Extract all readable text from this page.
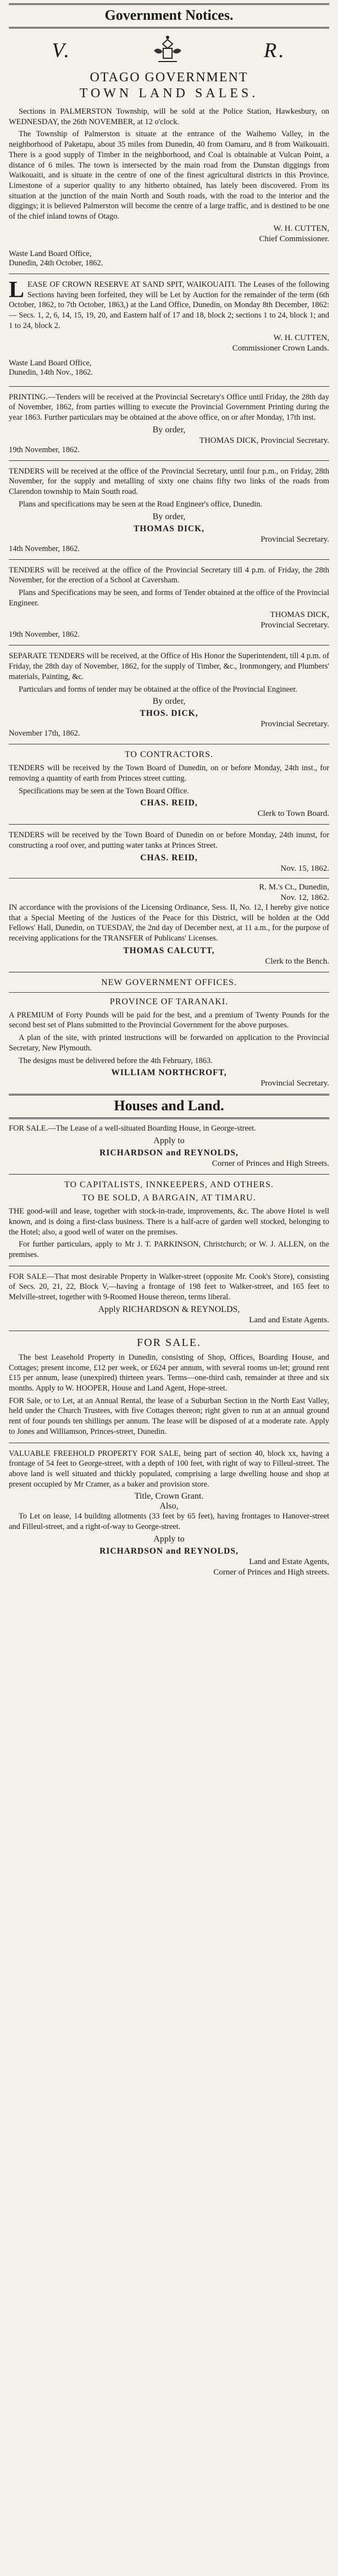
Government Notices.
V.	R.
OTAGO GOVERNMENT
TOWN LAND SALES.

Sections in PALMERSTON Township, will be sold at the Police Station, Hawkesbury, on WEDNESDAY, the 26th NOVEMBER, at 12 o'clock.

The Township of Palmerston is situate at the entrance of the Waihemo Valley, in the neighborhood of Paketapu, about 35 miles from Dunedin, 40 from Oamaru, and 8 from Waikouaiti. There is a good supply of Timber in the neighborhood, and Coal is obtainable at Vulcan Point, a distance of 6 miles. The town is intersected by the main road from the Dunstan diggings from Waikouaiti, and is situate in the centre of one of the finest agricultural districts in this Province. Limestone of a superior quality to any hitherto obtained, has lately been discovered. From its situation at the junction of the main North and South roads, with the road to the interior and the diggings; it is believed Palmerston will become the centre of a large traffic, and is destined to be one of the chief inland towns of Otago.

W. H. CUTTEN,
Chief Commissioner.
Waste Land Board Office,
Dunedin, 24th October, 1862.
L EASE OF CROWN RESERVE AT SAND SPIT, WAIKOUAITI. The Leases of the following Sections having been forfeited, they will be Let by Auction for the remainder of the term (6th October, 1862, to 7th October, 1863,) at the Land Office, Dunedin, on Monday 8th December, 1862:— Secs. 1, 2, 6, 14, 15, 19, 20, and Eastern half of 17 and 18, block 2; sections 1 to 24, block 1; and 1 to 24, block 2.

W. H. CUTTEN,
Commissioner Crown Lands.
Waste Land Board Office,
Dunedin, 14th Nov., 1862.

PRINTING.—Tenders will be received at the Provincial Secretary's Office until Friday, the 28th day of November, 1862, from parties willing to execute the Provincial Government Printing during the year 1863. Further particulars may be obtained at the above office, on or after Monday, 17th inst.

By order,
THOMAS DICK, Provincial Secretary.
19th November, 1862.

TENDERS will be received at the office of the Provincial Secretary, until four p.m., on Friday, 28th November, for the supply and metalling of sixty one chains fifty two links of the roads from Clarendon township to Main South road.

Plans and specifications may be seen at the Road Engineer's office, Dunedin.

By order,
THOMAS DICK,
Provincial Secretary.
14th November, 1862.

TENDERS will be received at the office of the Provincial Secretary till 4 p.m. of Friday, the 28th November, for the erection of a School at Caversham.

Plans and Specifications may be seen, and forms of Tender obtained at the office of the Provincial Engineer.

THOMAS DICK,
Provincial Secretary.
19th November, 1862.

SEPARATE TENDERS will be received, at the Office of His Honor the Superintendent, till 4 p.m. of Friday, the 28th day of November, 1862, for the supply of Timber, &c., Ironmongery, and Plumbers' materials, Painting, &c.

Particulars and forms of tender may be obtained at the office of the Provincial Engineer.

By order,
THOS. DICK,
Provincial Secretary.
November 17th, 1862.
TO CONTRACTORS.

TENDERS will be received by the Town Board of Dunedin, on or before Monday, 24th inst., for removing a quantity of earth from Princes street cutting.

Specifications may be seen at the Town Board Office.

CHAS. REID,
Clerk to Town Board.

TENDERS will be received by the Town Board of Dunedin on or before Monday, 24th inunst, for constructing a roof over, and putting water tanks at Princes Street.

CHAS. REID,
Nov. 15, 1862.
R. M.'s Ct., Dunedin,
Nov. 12, 1862.

IN accordance with the provisions of the Licensing Ordinance, Sess. II, No. 12, I hereby give notice that a Special Meeting of the Justices of the Peace for this District, will be holden at the Odd Fellows' Hall, Dunedin, on TUESDAY, the 2nd day of December next, at 11 a.m., for the purpose of receiving applications for the TRANSFER of Publicans' Licenses.

THOMAS CALCUTT,
Clerk to the Bench.
NEW GOVERNMENT OFFICES.
PROVINCE OF TARANAKI.

A PREMIUM of Forty Pounds will be paid for the best, and a premium of Twenty Pounds for the second best set of Plans submitted to the Provincial Government for the above purposes.

A plan of the site, with printed instructions will be forwarded on application to the Provincial Secretary, New Plymouth.

The designs must be delivered before the 4th February, 1863.

WILLIAM NORTHCROFT,
Provincial Secretary.
Houses and Land.

FOR SALE.—The Lease of a well-situated Boarding House, in George-street.

Apply to
RICHARDSON and REYNOLDS,
Corner of Princes and High Streets.
TO CAPITALISTS, INNKEEPERS, AND OTHERS.
TO BE SOLD, A BARGAIN, AT TIMARU.

THE good-will and lease, together with stock-in-trade, improvements, &c. The above Hotel is well known, and is doing a first-class business. There is a half-acre of garden well stocked, belonging to the Hotel; also, a good well of water on the premises.

For further particulars, apply to Mr J. T. PARKINSON, Christchurch; or W. J. ALLEN, on the premises.

FOR SALE—That most desirable Property in Walker-street (opposite Mr. Cook's Store), consisting of Secs. 20, 21, 22, Block V,—having a frontage of 198 feet to Walker-street, and 165 feet to Melville-street, together with 9-Roomed House thereon, terms liberal.

Apply RICHARDSON & REYNOLDS,
Land and Estate Agents.
FOR SALE.

The best Leasehold Property in Dunedin, consisting of Shop, Offices, Boarding House, and Cottages; present income, £12 per week, or £624 per annum, with several rooms un-let; ground rent £15 per annum, lease (unexpired) thirteen years. Terms—one-third cash, remainder at three and six months. Apply to W. HOOPER, House and Land Agent, Hope-street.

FOR Sale, or to Let, at an Annual Rental, the lease of a Suburban Section in the North East Valley, held under the Church Trustees, with five Cottages thereon; right given to run at an annual ground rent of four pounds ten shillings per annum. The lease will be disposed of at a moderate rate. Apply to Jones and Williamson, Princes-street, Dunedin.

VALUABLE FREEHOLD PROPERTY FOR SALE, being part of section 40, block xx, having a frontage of 54 feet to George-street, with a depth of 100 feet, with right of way to Filleul-street. The above land is well situated and thickly populated, comprising a large dwelling house and shop at present occupied by Mr Cramer, as a baker and provision store.

Title, Crown Grant.
Also,

To Let on lease, 14 building allotments (33 feet by 65 feet), having frontages to Hanover-street and Filleul-street, and a right-of-way to George-street.

Apply to
RICHARDSON and REYNOLDS,
Land and Estate Agents,
Corner of Princes and High streets.
